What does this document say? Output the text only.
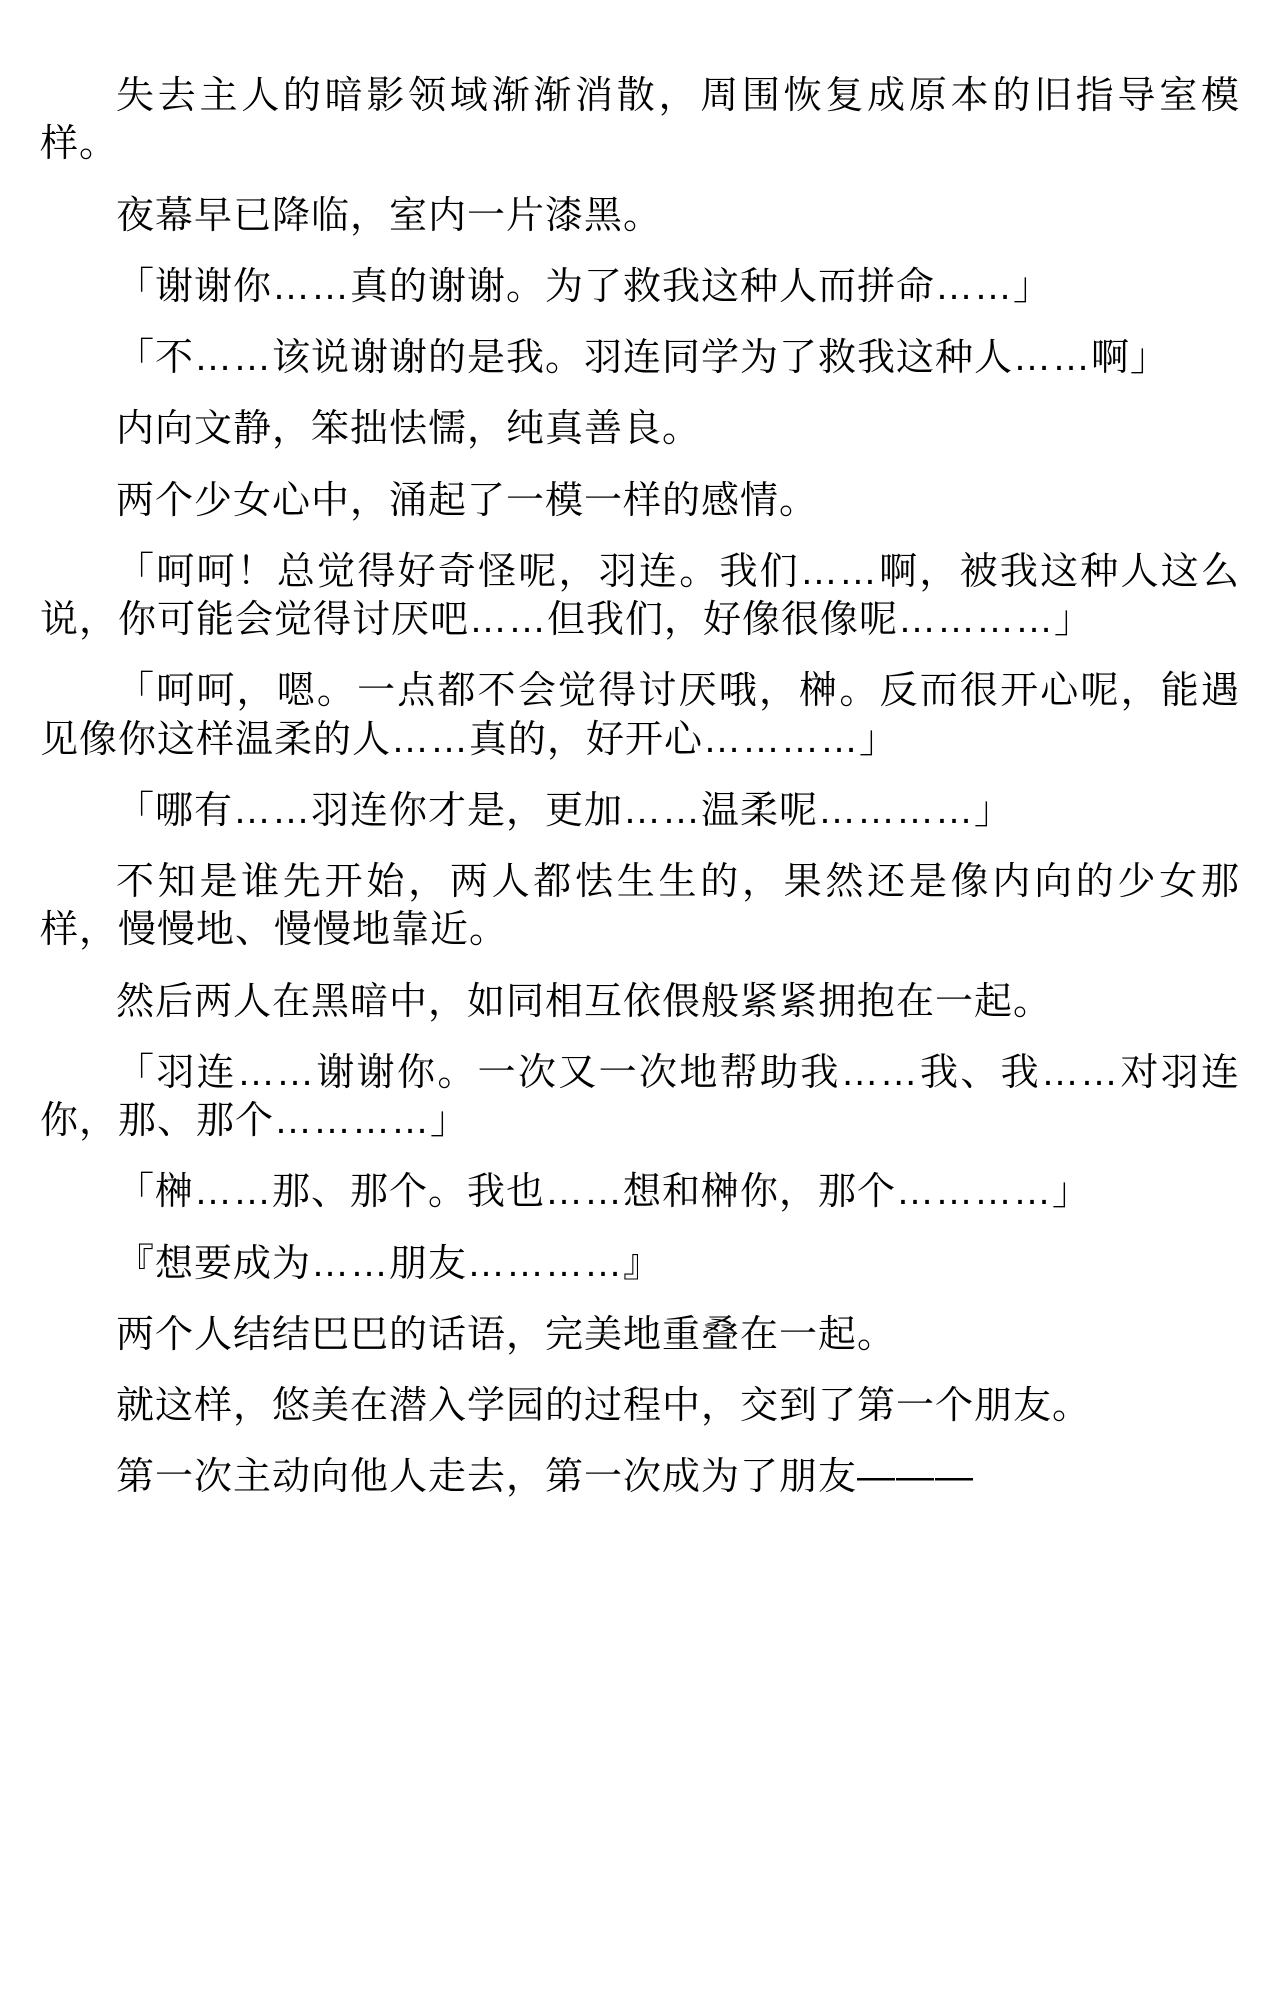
失去主人的暗影领域渐渐消散，周围恢复成原本的旧指导室模样。

夜幕早已降临，室内一片漆黑。

「谢谢你……真的谢谢。为了救我这种人而拼命……」

「不……该说谢谢的是我。羽连同学为了救我这种人……啊」

内向文静，笨拙怯懦，纯真善良。

两个少女心中，涌起了一模一样的感情。

「呵呵！总觉得好奇怪呢，羽连。我们……啊，被我这种人这么说，你可能会觉得讨厌吧……但我们，好像很像呢…………」

「呵呵，嗯。一点都不会觉得讨厌哦，榊。反而很开心呢，能遇见像你这样温柔的人……真的，好开心…………」

「哪有……羽连你才是，更加……温柔呢…………」

不知是谁先开始，两人都怯生生的，果然还是像内向的少女那样，慢慢地、慢慢地靠近。

然后两人在黑暗中，如同相互依偎般紧紧拥抱在一起。

「羽连……谢谢你。一次又一次地帮助我……我、我……对羽连你，那、那个…………」

「榊……那、那个。我也……想和榊你，那个…………」

『想要成为……朋友…………』

两个人结结巴巴的话语，完美地重叠在一起。

就这样，悠美在潜入学园的过程中，交到了第一个朋友。

第一次主动向他人走去，第一次成为了朋友———
